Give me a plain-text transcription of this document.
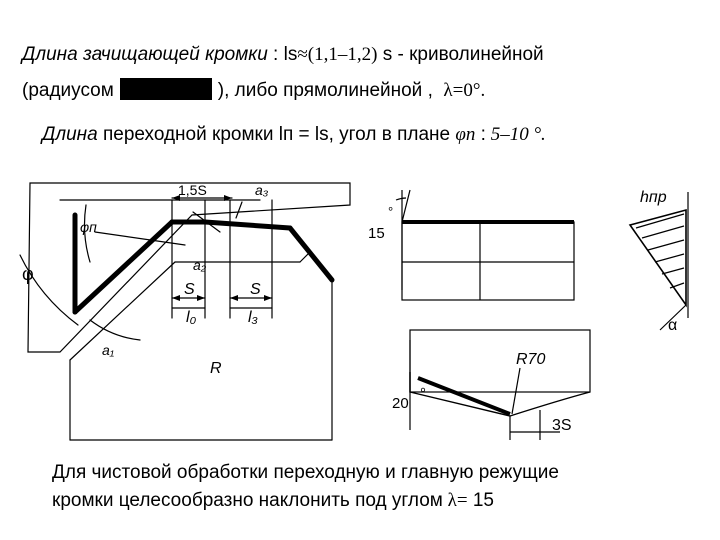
Длина зачищающей кромки : ls≈(1,1–1,2) s - криволинейной
(радиусом	), либо прямолинейной , λ=0°.
Длина переходной кромки lп = ls, угол в плане φп : 5–10 °.
1,5S	a₃
φп
a₂
φ
S	S
l₀	l₃
a₁
R
15
°
hпр
α
R70
20
°
3S
Для чистовой обработки переходную и главную режущие
кромки целесообразно наклонить под углом λ= 15
